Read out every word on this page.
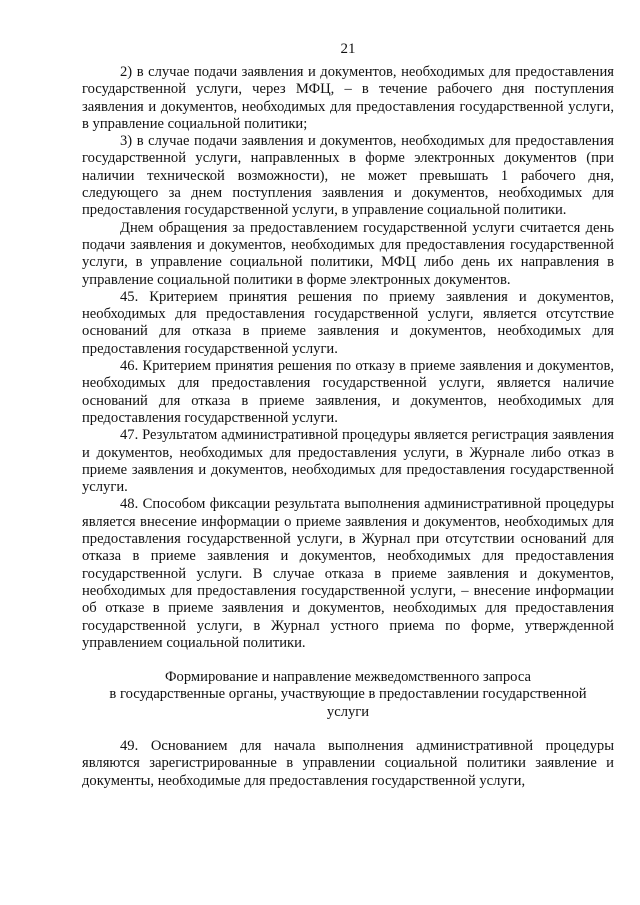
21

2) в случае подачи заявления и документов, необходимых для предоставления государственной услуги, через МФЦ, – в течение рабочего дня поступления заявления и документов, необходимых для предоставления государственной услуги, в управление социальной политики;

3) в случае подачи заявления и документов, необходимых для предоставления государственной услуги, направленных в форме электронных документов (при наличии технической возможности), не может превышать 1 рабочего дня, следующего за днем поступления заявления и документов, необходимых для предоставления государственной услуги, в управление социальной политики.

Днем обращения за предоставлением государственной услуги считается день подачи заявления и документов, необходимых для предоставления государственной услуги, в управление социальной политики, МФЦ либо день их направления в управление социальной политики в форме электронных документов.

45. Критерием принятия решения по приему заявления и документов, необходимых для предоставления государственной услуги, является отсутствие оснований для отказа в приеме заявления и документов, необходимых для предоставления государственной услуги.

46. Критерием принятия решения по отказу в приеме заявления и документов, необходимых для предоставления государственной услуги, является наличие оснований для отказа в приеме заявления, и документов, необходимых для предоставления государственной услуги.

47. Результатом административной процедуры является регистрация заявления и документов, необходимых для предоставления услуги, в Журнале либо отказ в приеме заявления и документов, необходимых для предоставления государственной услуги.

48. Способом фиксации результата выполнения административной процедуры является внесение информации о приеме заявления и документов, необходимых для предоставления государственной услуги, в Журнал при отсутствии оснований для отказа в приеме заявления и документов, необходимых для предоставления государственной услуги. В случае отказа в приеме заявления и документов, необходимых для предоставления государственной услуги, – внесение информации об отказе в приеме заявления и документов, необходимых для предоставления государственной услуги, в Журнал устного приема по форме, утвержденной управлением социальной политики.

Формирование и направление межведомственного запроса

в государственные органы, участвующие в предоставлении государственной

услуги

49. Основанием для начала выполнения административной процедуры являются зарегистрированные в управлении социальной политики заявление и документы, необходимые для предоставления государственной услуги,
